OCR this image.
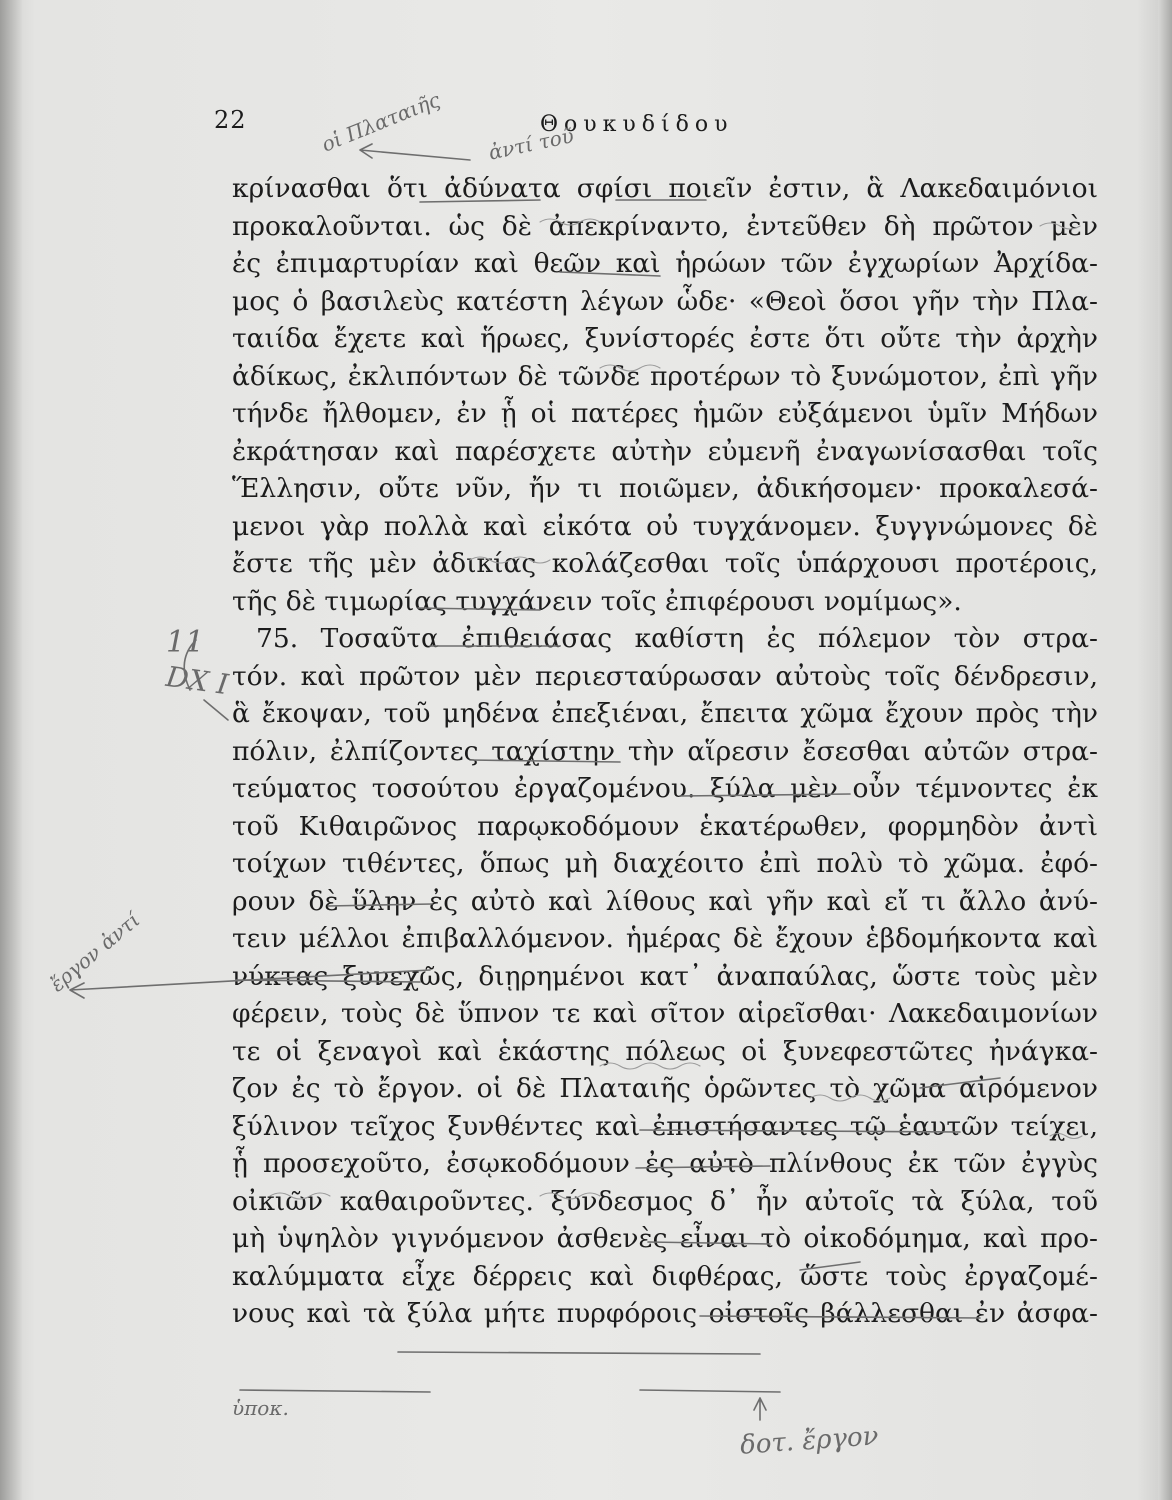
22	Θουκυδίδου
κρίνασθαι ὅτι ἀδύνατα σφίσι ποιεῖν ἐστιν, ἃ Λακεδαιμόνιοι
προκαλοῦνται. ὡς δὲ ἀπεκρίναντο, ἐντεῦθεν δὴ πρῶτον μὲν
ἐς ἐπιμαρτυρίαν καὶ θεῶν καὶ ἡρώων τῶν ἐγχωρίων Ἀρχίδα-
μος ὁ βασιλεὺς κατέστη λέγων ὧδε· «Θεοὶ ὅσοι γῆν τὴν Πλα-
ταιίδα ἔχετε καὶ ἥρωες, ξυνίστορές ἐστε ὅτι οὔτε τὴν ἀρχὴν
ἀδίκως, ἐκλιπόντων δὲ τῶνδε προτέρων τὸ ξυνώμοτον, ἐπὶ γῆν
τήνδε ἤλθομεν, ἐν ᾗ οἱ πατέρες ἡμῶν εὐξάμενοι ὑμῖν Μήδων
ἐκράτησαν καὶ παρέσχετε αὐτὴν εὐμενῆ ἐναγωνίσασθαι τοῖς
Ἕλλησιν, οὔτε νῦν, ἤν τι ποιῶμεν, ἀδικήσομεν· προκαλεσά-
μενοι γὰρ πολλὰ καὶ εἰκότα οὐ τυγχάνομεν. ξυγγνώμονες δὲ
ἔστε τῆς μὲν ἀδικίας κολάζεσθαι τοῖς ὑπάρχουσι προτέροις,
τῆς δὲ τιμωρίας τυγχάνειν τοῖς ἐπιφέρουσι νομίμως».
75. Τοσαῦτα ἐπιθειάσας καθίστη ἐς πόλεμον τὸν στρα-
τόν. καὶ πρῶτον μὲν περιεσταύρωσαν αὐτοὺς τοῖς δένδρεσιν,
ἃ ἔκοψαν, τοῦ μηδένα ἐπεξιέναι, ἔπειτα χῶμα ἔχουν πρὸς τὴν
πόλιν, ἐλπίζοντες ταχίστην τὴν αἵρεσιν ἔσεσθαι αὐτῶν στρα-
τεύματος τοσούτου ἐργαζομένου. ξύλα μὲν οὖν τέμνοντες ἐκ
τοῦ Κιθαιρῶνος παρῳκοδόμουν ἑκατέρωθεν, φορμηδὸν ἀντὶ
τοίχων τιθέντες, ὅπως μὴ διαχέοιτο ἐπὶ πολὺ τὸ χῶμα. ἐφό-
ρουν δὲ ὕλην ἐς αὐτὸ καὶ λίθους καὶ γῆν καὶ εἴ τι ἄλλο ἀνύ-
τειν μέλλοι ἐπιβαλλόμενον. ἡμέρας δὲ ἔχουν ἑβδομήκοντα καὶ
νύκτας ξυνεχῶς, διῃρημένοι κατ᾽ ἀναπαύλας, ὥστε τοὺς μὲν
φέρειν, τοὺς δὲ ὕπνον τε καὶ σῖτον αἱρεῖσθαι· Λακεδαιμονίων
τε οἱ ξεναγοὶ καὶ ἑκάστης πόλεως οἱ ξυνεφεστῶτες ἠνάγκα-
ζον ἐς τὸ ἔργον. οἱ δὲ Πλαταιῆς ὁρῶντες τὸ χῶμα αἰρόμενον
ξύλινον τεῖχος ξυνθέντες καὶ ἐπιστήσαντες τῷ ἑαυτῶν τείχει,
ᾗ προσεχοῦτο, ἐσῳκοδόμουν ἐς αὐτὸ πλίνθους ἐκ τῶν ἐγγὺς
οἰκιῶν καθαιροῦντες. ξύνδεσμος δ᾽ ἦν αὐτοῖς τὰ ξύλα, τοῦ
μὴ ὑψηλὸν γιγνόμενον ἀσθενὲς εἶναι τὸ οἰκοδόμημα, καὶ προ-
καλύμματα εἶχε δέρρεις καὶ διφθέρας, ὥστε τοὺς ἐργαζομέ-
νους καὶ τὰ ξύλα μήτε πυρφόροις οἰστοῖς βάλλεσθαι ἐν ἀσφα-
οἱ Πλαταιῆς ἀντί τοῦ
11
DX I
ἔργον ἀντί
ὑποκ.
δοτ. ἔργον
